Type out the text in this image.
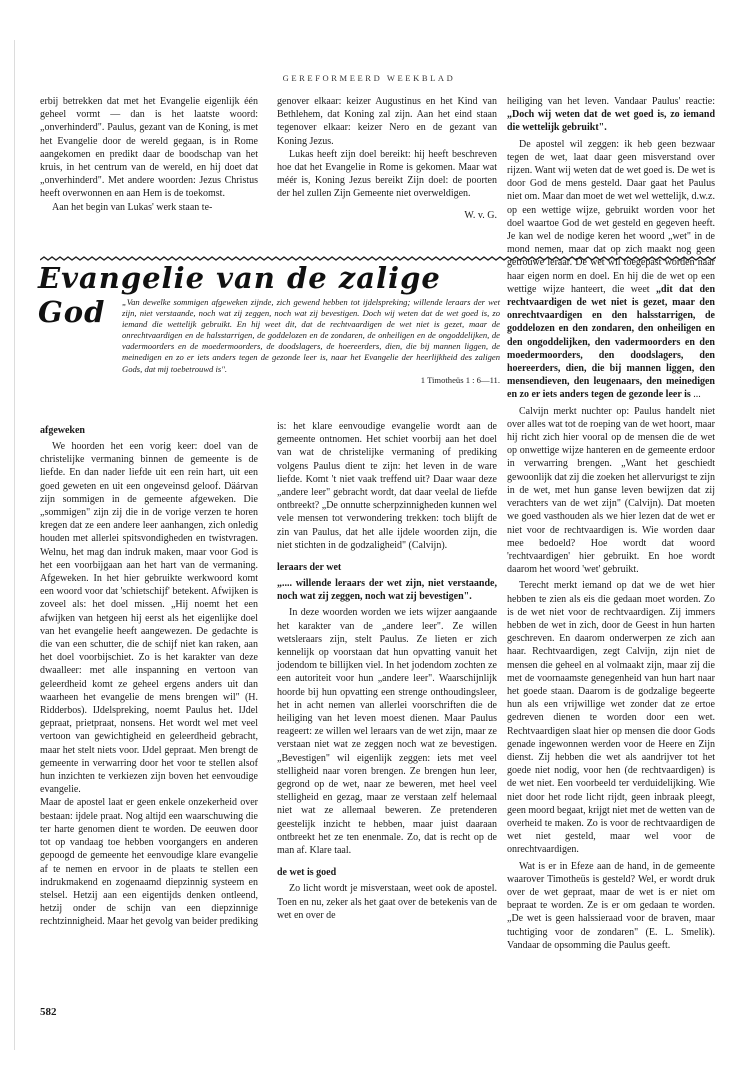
GEREFORMEERD WEEKBLAD

erbij betrekken dat met het Evangelie eigenlijk één geheel vormt — dan is het laatste woord: „onverhinderd". Paulus, gezant van de Koning, is met het Evangelie door de wereld gegaan, is in Rome aangekomen en predikt daar de boodschap van het kruis, in het centrum van de wereld, en hij doet dat „onverhinderd". Met andere woorden: Jezus Christus heeft overwonnen en aan Hem is de toekomst.

Aan het begin van Lukas' werk staan te-

genover elkaar: keizer Augustinus en het Kind van Bethlehem, dat Koning zal zijn. Aan het eind staan tegenover elkaar: keizer Nero en de gezant van Koning Jezus.

Lukas heeft zijn doel bereikt: hij heeft beschreven hoe dat het Evangelie in Rome is gekomen. Maar wat méér is, Koning Jezus bereikt Zijn doel: de poorten der hel zullen Zijn Gemeente niet overweldigen.

W. v. G.
Evangelie van de zalige God	„Van dewelke sommigen afgeweken zijnde, zich gewend hebben tot ijdelspreking; willende leraars der wet zijn, niet verstaande, noch wat zij zeggen, noch wat zij bevestigen. Doch wij weten dat de wet goed is, zo iemand die wettelijk gebruikt. En hij weet dit, dat de rechtvaardigen de wet niet is gezet, maar de onrechtvaardigen en de halsstarrigen, de goddelozen en de zondaren, de onheiligen en de ongoddelijken, de vadermoorders en de moedermoorders, de doodslagers, de hoereerders, dien, die bij mannen liggen, de meinedigen en zo er iets anders tegen de gezonde leer is, naar het Evangelie der heerlijkheid des zaligen Gods, dat mij toebetrouwd is".
1 Timotheüs 1 : 6—11.
afgeweken

We hoorden het een vorig keer: doel van de christelijke vermaning binnen de gemeente is de liefde. En dan nader liefde uit een rein hart, uit een goed geweten en uit een ongeveinsd geloof. Däárvan zijn sommigen in de gemeente afgeweken. Die „sommigen" zijn zij die in de vorige verzen te horen kregen dat ze een andere leer aanhangen, zich onledig houden met allerlei spitsvondigheden en twistvragen. Welnu, het mag dan indruk maken, maar voor God is het een voorbijgaan aan het hart van de vermaning. Afgeweken. In het hier gebruikte werkwoord komt een woord voor dat 'schietschijf' betekent. Afwijken is zoveel als: het doel missen. „Hij noemt het een afwijken van hetgeen hij eerst als het eigenlijke doel van het evangelie heeft aangewezen. De gedachte is die van een schutter, die de schijf niet kan raken, aan het doel voorbijschiet. Zo is het karakter van deze dwaalleer: met alle inspanning en vertoon van geleerdheid komt ze geheel ergens anders uit dan waarheen het evangelie de mens brengen wil" (H. Ridderbos). IJdelspreking, noemt Paulus het. IJdel gepraat, prietpraat, nonsens. Het wordt wel met veel vertoon van gewichtigheid en geleerdheid gebracht, maar het stelt niets voor. IJdel gepraat. Men brengt de gemeente in verwarring door het voor te stellen alsof hun inzichten te verkiezen zijn boven het eenvoudige evangelie.

Maar de apostel laat er geen enkele onzekerheid over bestaan: ijdele praat. Nog altijd een waarschuwing die ter harte genomen dient te worden. De eeuwen door tot op vandaag toe hebben voorgangers en anderen gepoogd de gemeente het eenvoudige klare evangelie af te nemen en ervoor in de plaats te stellen een indrukmakend en zogenaamd diepzinnig systeem en stelsel. Hetzij aan een eigentijds denken ontleend, hetzij onder de schijn van een diepzinnige rechtzinnigheid. Maar het gevolg van beider prediking

is: het klare eenvoudige evangelie wordt aan de gemeente ontnomen. Het schiet voorbij aan het doel van wat de christelijke vermaning of prediking volgens Paulus dient te zijn: het leven in de ware liefde. Komt 't niet vaak treffend uit? Daar waar deze „andere leer" gebracht wordt, dat daar veelal de liefde ontbreekt? „De onnutte scherpzinnigheden kunnen wel vele mensen tot verwondering trekken: toch blijft de zin van Paulus, dat het alle ijdele woorden zijn, die niet stichten in de godzaligheid" (Calvijn).

leraars der wet

„.... willende leraars der wet zijn, niet verstaande, noch wat zij zeggen, noch wat zij bevestigen".

In deze woorden worden we iets wijzer aangaande het karakter van de „andere leer". Ze willen wetsleraars zijn, stelt Paulus. Ze lieten er zich kennelijk op voorstaan dat hun opvatting vanuit het jodendom te billijken viel. In het jodendom zochten ze een autoriteit voor hun „andere leer". Waarschijnlijk hoorde bij hun opvatting een strenge onthoudingsleer, het in acht nemen van allerlei voorschriften die de heiliging van het leven moest dienen. Maar Paulus reageert: ze willen wel leraars van de wet zijn, maar ze verstaan niet wat ze zeggen noch wat ze bevestigen. „Bevestigen" wil eigenlijk zeggen: iets met veel stelligheid naar voren brengen. Ze brengen hun leer, gegrond op de wet, naar ze beweren, met heel veel stelligheid en gezag, maar ze verstaan zelf helemaal niet wat ze allemaal beweren. Ze pretenderen geestelijk inzicht te hebben, maar juist daaraan ontbreekt het ze ten enenmale. Zo, dat is recht op de man af. Klare taal.

de wet is goed

Zo licht wordt je misverstaan, weet ook de apostel. Toen en nu, zeker als het gaat over de betekenis van de wet en over de

heiliging van het leven. Vandaar Paulus' reactie: „Doch wij weten dat de wet goed is, zo iemand die wettelijk gebruikt".

De apostel wil zeggen: ik heb geen bezwaar tegen de wet, laat daar geen misverstand over rijzen. Want wij weten dat de wet goed is. De wet is door God de mens gesteld. Daar gaat het Paulus niet om. Maar dan moet de wet wel wettelijk, d.w.z. op een wettige wijze, gebruikt worden voor het doel waartoe God de wet gesteld en gegeven heeft. Je kan wel de nodige keren het woord „wet" in de mond nemen, maar dat op zich maakt nog geen getrouwe leraar. De wet wil toegepast worden naar haar eigen norm en doel. En hij die de wet op een wettige wijze hanteert, die weet „dit dat den rechtvaardigen de wet niet is gezet, maar den onrechtvaardigen en den halsstarrigen, de goddelozen en den zondaren, den onheiligen en den ongoddelijken, den vadermoorders en den moedermoorders, den doodslagers, den hoereerders, dien, die bij mannen liggen, den mensendieven, den leugenaars, den meinedigen en zo er iets anders tegen de gezonde leer is ...

Calvijn merkt nuchter op: Paulus handelt niet over alles wat tot de roeping van de wet hoort, maar hij richt zich hier vooral op de mensen die de wet op onwettige wijze hanteren en de gemeente erdoor in verwarring brengen. „Want het geschiedt gewoonlijk dat zij die zoeken het allervurigst te zijn in de wet, met hun ganse leven bewijzen dat zij verachters van de wet zijn" (Calvijn). Dat moeten we goed vasthouden als we hier lezen dat de wet er niet voor de rechtvaardigen is. Wie worden daar mee bedoeld? Hoe wordt dat woord 'rechtvaardigen' hier gebruikt. En hoe wordt daarom het woord 'wet' gebruikt.

Terecht merkt iemand op dat we de wet hier hebben te zien als eis die gedaan moet worden. Zo is de wet niet voor de rechtvaardigen. Zij immers hebben de wet in zich, door de Geest in hun harten geschreven. En daarom onderwerpen ze zich aan haar. Rechtvaardigen, zegt Calvijn, zijn niet de mensen die geheel en al volmaakt zijn, maar zij die met de voornaamste genegenheid van hun hart naar het goede staan. Daarom is de godzalige begeerte hun als een vrijwillige wet zonder dat ze ertoe gedreven dienen te worden door een wet. Rechtvaardigen slaat hier op mensen die door Gods genade ingewonnen werden voor de Heere en Zijn dienst. Zij hebben die wet als aandrijver tot het goede niet nodig, voor hen (de rechtvaardigen) is de wet niet. Een voorbeeld ter verduidelijking. Wie niet door het rode licht rijdt, geen inbraak pleegt, geen moord begaat, krijgt niet met de wetten van de overheid te maken. Zo is voor de rechtvaardigen de wet niet gesteld, maar wel voor de onrechtvaardigen.

Wat is er in Efeze aan de hand, in de gemeente waarover Timotheüs is gesteld? Wel, er wordt druk over de wet gepraat, maar de wet is er niet om bepraat te worden. Ze is er om gedaan te worden. „De wet is geen halssieraad voor de braven, maar tuchtiging voor de zondaren" (E. L. Smelik). Vandaar de opsomming die Paulus geeft.

582
